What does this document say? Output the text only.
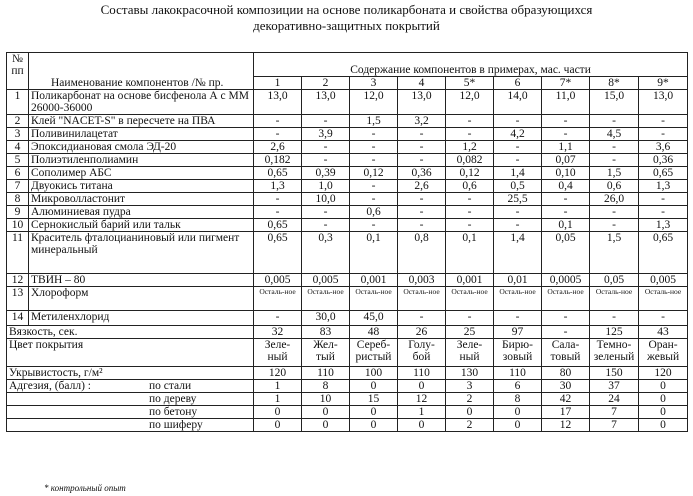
Составы лакокрасочной композиции на основе поликарбоната и свойства образующихся
декоративно-защитных покрытий
№
пп	Наименование компонентов /№ пр.	Содержание компонентов в примерах, мас. части								
		1	2	3	4	5*	6	7*	8*	9*
1	Поликарбонат на основе бисфенола А с ММ 26000-36000	13,0	13,0	12,0	13,0	12,0	14,0	11,0	15,0	13,0
2	Клей "NACET-S" в пересчете на ПВА	-	-	1,5	3,2	-	-	-	-	-
3	Поливинилацетат	-	3,9	-	-	-	4,2	-	4,5	-
4	Эпоксидиановая смола ЭД-20	2,6	-	-	-	1,2	-	1,1	-	3,6
5	Полиэтиленполиамин	0,182	-	-	-	0,082	-	0,07	-	0,36
6	Сополимер АБС	0,65	0,39	0,12	0,36	0,12	1,4	0,10	1,5	0,65
7	Двуокись титана	1,3	1,0	-	2,6	0,6	0,5	0,4	0,6	1,3
8	Микроволластонит	-	10,0	-	-	-	25,5	-	26,0	-
9	Алюминиевая пудра	-	-	0,6	-	-	-	-	-	-
10	Сернокислый барий или тальк	0,65	-	-	-	-	-	0,1	-	1,3
11	Краситель фталоцианиновый или пигмент минеральный	0,65	0,3	0,1	0,8	0,1	1,4	0,05	1,5	0,65
12	ТВИН – 80	0,005	0,005	0,001	0,003	0,001	0,01	0,0005	0,05	0,005
13	Хлороформ	Осталь-ное	Осталь-ное	Осталь-ное	Осталь-ное	Осталь-ное	Осталь-ное	Осталь-ное	Осталь-ное	Осталь-ное
14	Метиленхлорид	-	30,0	45,0	-	-	-	-	-	-
Вязкость, сек.		32	83	48	26	25	97	-	125	43
Цвет покрытия		Зеле-ный	Жел-тый	Сереб-ристый	Голу-бой	Зеле-ный	Бирю-зовый	Сала-товый	Темно-зеленый	Оран-жевый
Укрывистость, г/м²		120	110	100	110	130	110	80	150	120
Адгезия, (балл) : по стали		1	8	0	0	3	6	30	37	0

по дереву		1	10	15	12	2	8	42	24	0

по бетону		0	0	0	1	0	0	17	7	0

по шиферу		0	0	0	0	2	0	12	7	0
* контрольный опыт
